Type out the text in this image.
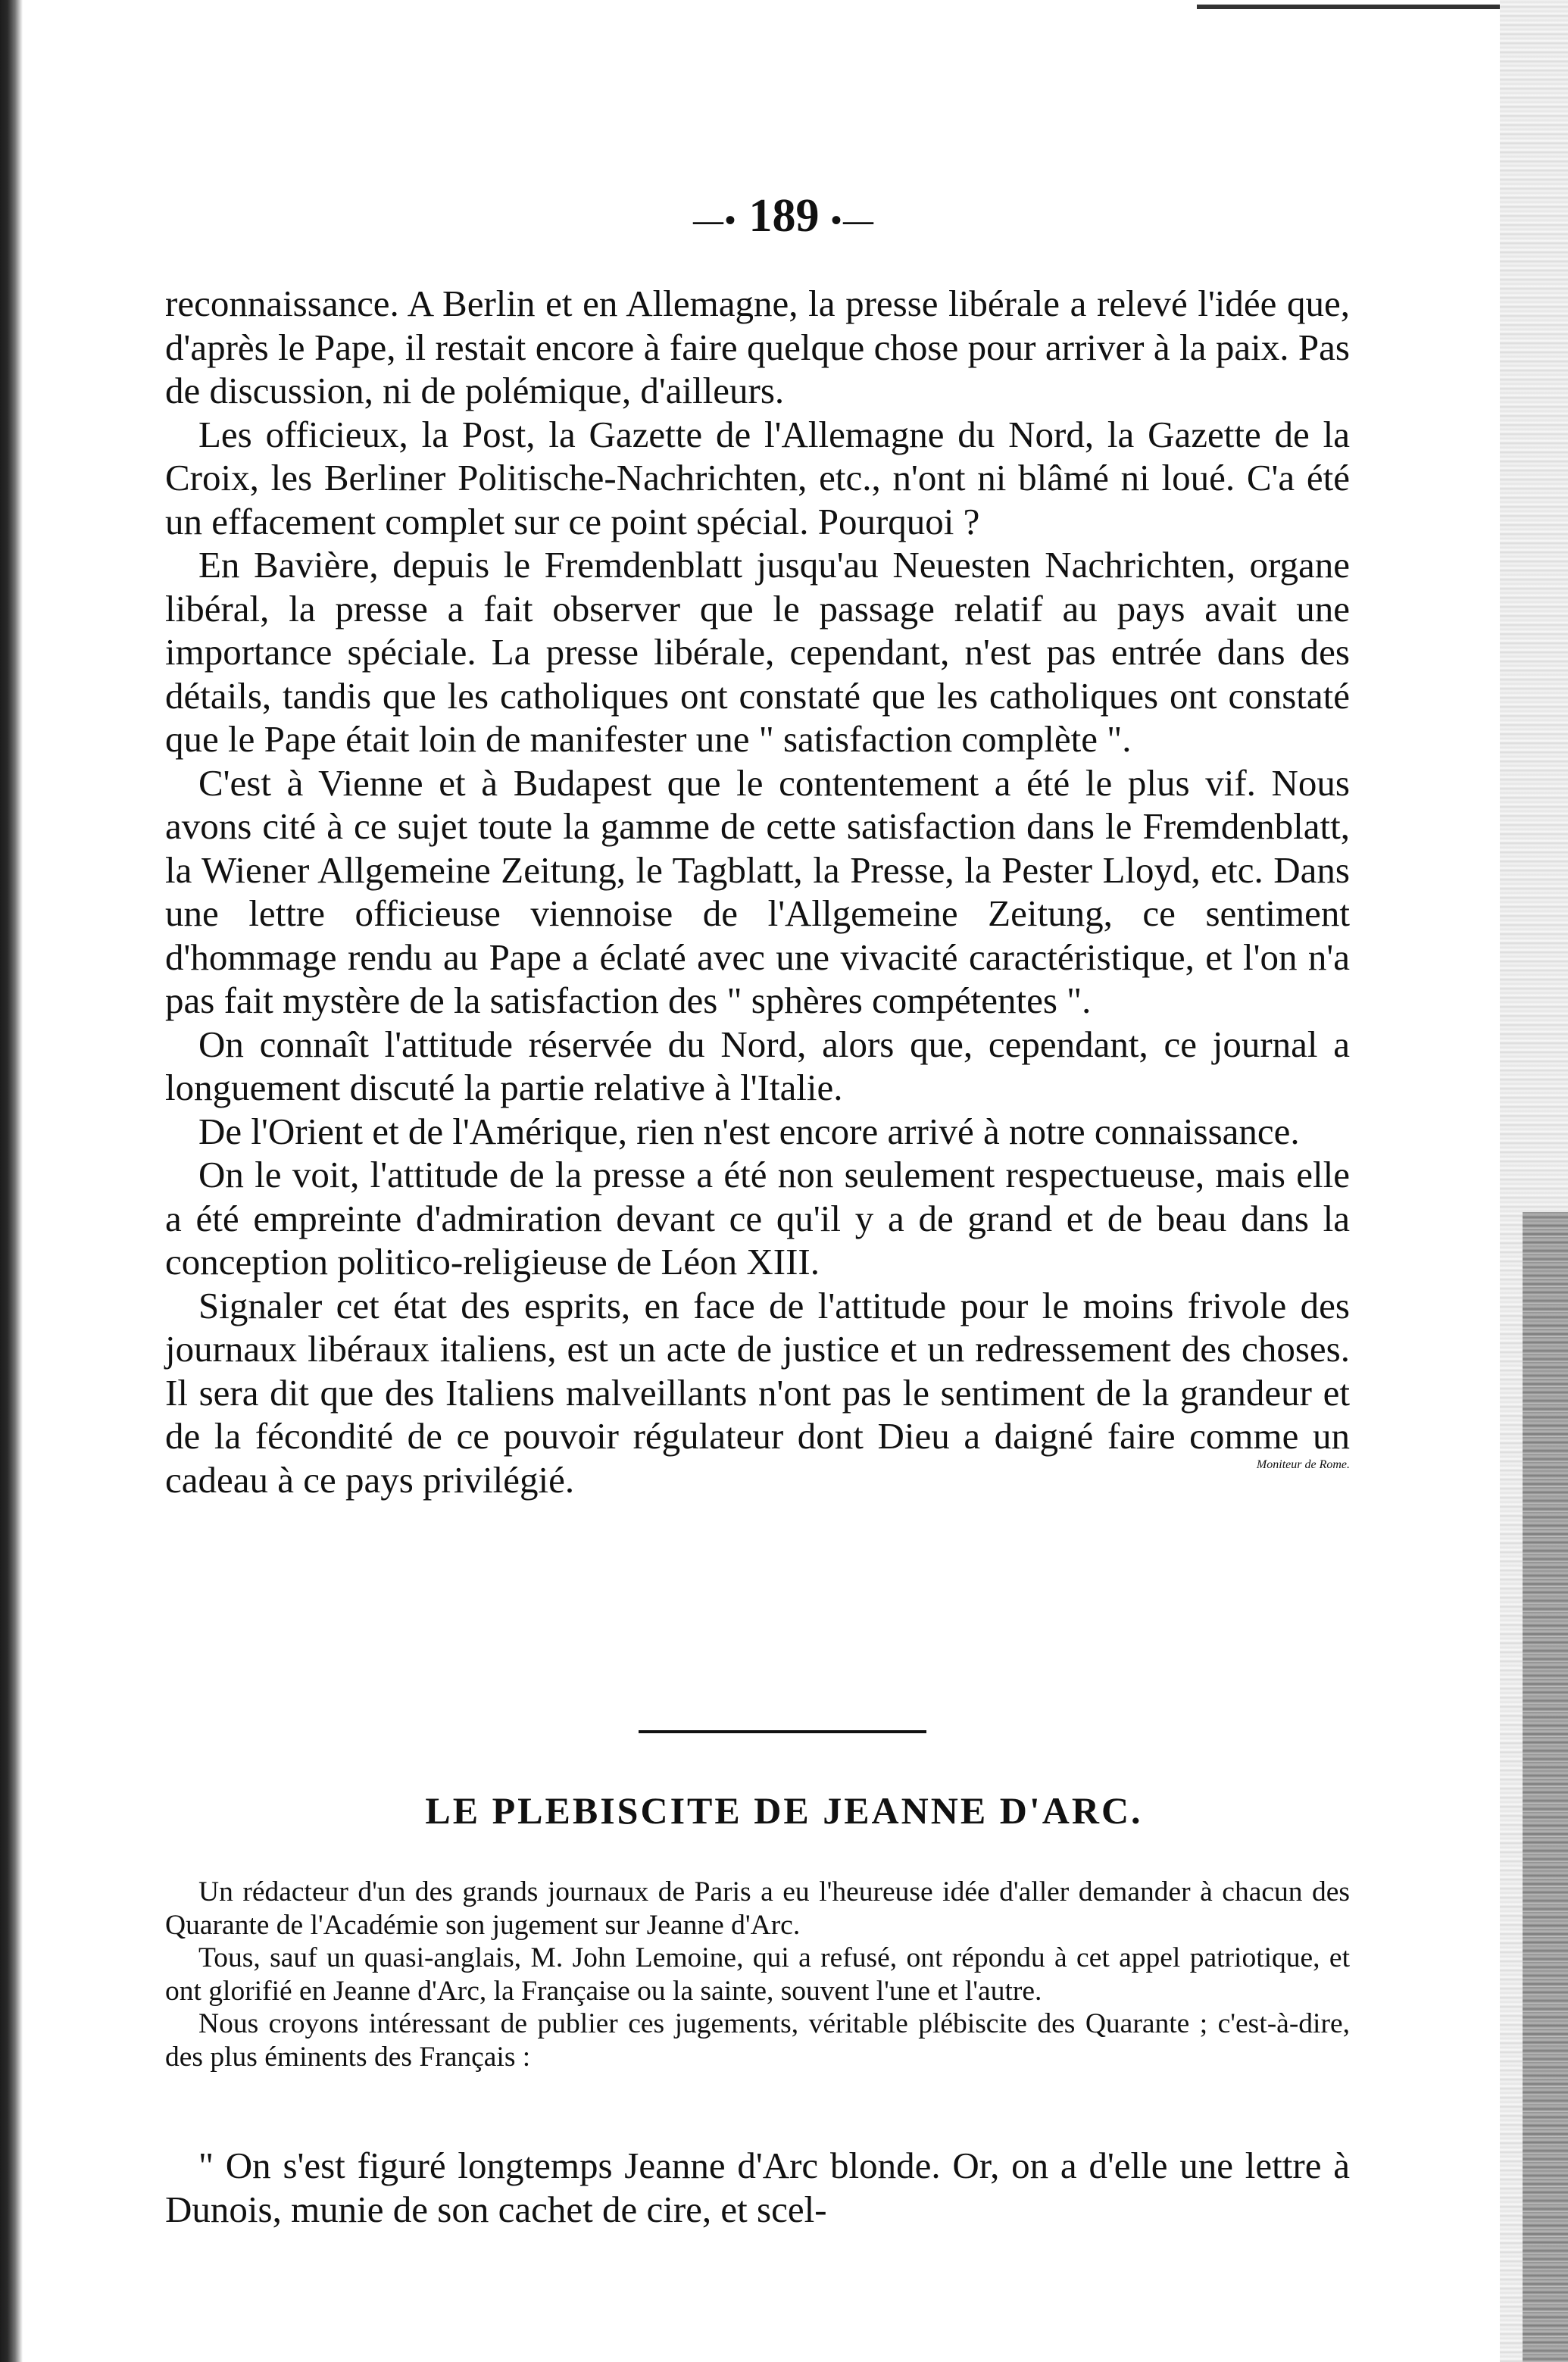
—• 189 •—

reconnaissance. A Berlin et en Allemagne, la presse libérale a relevé l'idée que, d'après le Pape, il restait encore à faire quelque chose pour arriver à la paix. Pas de discussion, ni de polémique, d'ailleurs.

Les officieux, la Post, la Gazette de l'Allemagne du Nord, la Gazette de la Croix, les Berliner Politische-Nachrichten, etc., n'ont ni blâmé ni loué. C'a été un effacement complet sur ce point spécial. Pourquoi ?

En Bavière, depuis le Fremdenblatt jusqu'au Neuesten Nachrichten, organe libéral, la presse a fait observer que le passage relatif au pays avait une importance spéciale. La presse libérale, cependant, n'est pas entrée dans des détails, tandis que les catholiques ont constaté que les catholiques ont constaté que le Pape était loin de manifester une " satisfaction complète ".

C'est à Vienne et à Budapest que le contentement a été le plus vif. Nous avons cité à ce sujet toute la gamme de cette satisfaction dans le Fremdenblatt, la Wiener Allgemeine Zeitung, le Tagblatt, la Presse, la Pester Lloyd, etc. Dans une lettre officieuse viennoise de l'Allgemeine Zeitung, ce sentiment d'hommage rendu au Pape a éclaté avec une vivacité caractéristique, et l'on n'a pas fait mystère de la satisfaction des " sphères compétentes ".

On connaît l'attitude réservée du Nord, alors que, cependant, ce journal a longuement discuté la partie relative à l'Italie.

De l'Orient et de l'Amérique, rien n'est encore arrivé à notre connaissance.

On le voit, l'attitude de la presse a été non seulement respectueuse, mais elle a été empreinte d'admiration devant ce qu'il y a de grand et de beau dans la conception politico-religieuse de Léon XIII.

Signaler cet état des esprits, en face de l'attitude pour le moins frivole des journaux libéraux italiens, est un acte de justice et un redressement des choses. Il sera dit que des Italiens malveillants n'ont pas le sentiment de la grandeur et de la fécondité de ce pouvoir régulateur dont Dieu a daigné faire comme un cadeau à ce pays privilégié.	Moniteur de Rome.
LE PLEBISCITE DE JEANNE D'ARC.

Un rédacteur d'un des grands journaux de Paris a eu l'heureuse idée d'aller demander à chacun des Quarante de l'Académie son jugement sur Jeanne d'Arc.

Tous, sauf un quasi-anglais, M. John Lemoine, qui a refusé, ont répondu à cet appel patriotique, et ont glorifié en Jeanne d'Arc, la Française ou la sainte, souvent l'une et l'autre.

Nous croyons intéressant de publier ces jugements, véritable plébiscite des Quarante ; c'est-à-dire, des plus éminents des Français :

" On s'est figuré longtemps Jeanne d'Arc blonde. Or, on a d'elle une lettre à Dunois, munie de son cachet de cire, et scel-
